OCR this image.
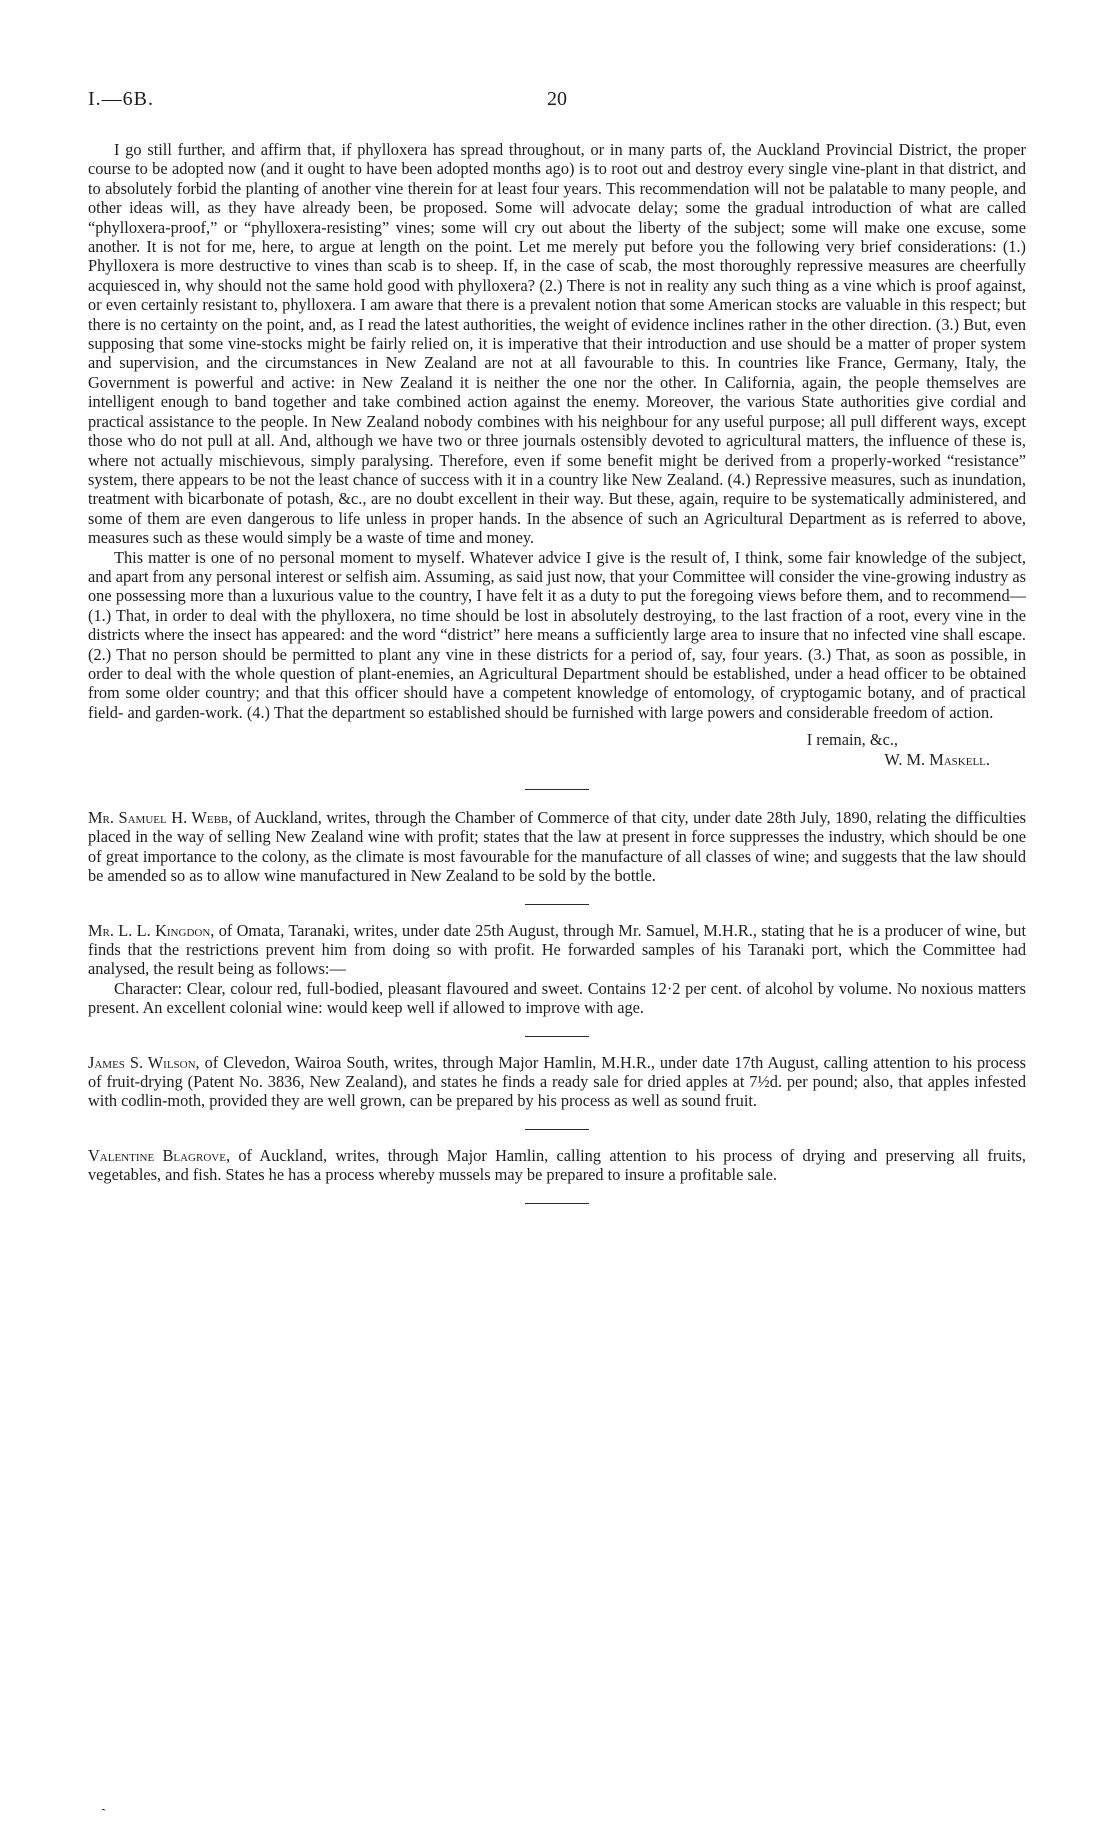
I.—6B.	20

I go still further, and affirm that, if phylloxera has spread throughout, or in many parts of, the Auckland Provincial District, the proper course to be adopted now (and it ought to have been adopted months ago) is to root out and destroy every single vine-plant in that district, and to absolutely forbid the planting of another vine therein for at least four years. This recommendation will not be palatable to many people, and other ideas will, as they have already been, be proposed. Some will advocate delay; some the gradual introduction of what are called “phylloxera-proof,” or “phylloxera-resisting” vines; some will cry out about the liberty of the subject; some will make one excuse, some another. It is not for me, here, to argue at length on the point. Let me merely put before you the following very brief considerations: (1.) Phylloxera is more destructive to vines than scab is to sheep. If, in the case of scab, the most thoroughly repressive measures are cheerfully acquiesced in, why should not the same hold good with phylloxera? (2.) There is not in reality any such thing as a vine which is proof against, or even certainly resistant to, phylloxera. I am aware that there is a prevalent notion that some American stocks are valuable in this respect; but there is no certainty on the point, and, as I read the latest authorities, the weight of evidence inclines rather in the other direction. (3.) But, even supposing that some vine-stocks might be fairly relied on, it is imperative that their introduction and use should be a matter of proper system and supervision, and the circumstances in New Zealand are not at all favourable to this. In countries like France, Germany, Italy, the Government is powerful and active: in New Zealand it is neither the one nor the other. In California, again, the people themselves are intelligent enough to band together and take combined action against the enemy. Moreover, the various State authorities give cordial and practical assistance to the people. In New Zealand nobody combines with his neighbour for any useful purpose; all pull different ways, except those who do not pull at all. And, although we have two or three journals ostensibly devoted to agricultural matters, the influence of these is, where not actually mischievous, simply paralysing. Therefore, even if some benefit might be derived from a properly-worked “resistance” system, there appears to be not the least chance of success with it in a country like New Zealand. (4.) Repressive measures, such as inundation, treatment with bicarbonate of potash, &c., are no doubt excellent in their way. But these, again, require to be systematically administered, and some of them are even dangerous to life unless in proper hands. In the absence of such an Agricultural Department as is referred to above, measures such as these would simply be a waste of time and money.

This matter is one of no personal moment to myself. Whatever advice I give is the result of, I think, some fair knowledge of the subject, and apart from any personal interest or selfish aim. Assuming, as said just now, that your Committee will consider the vine-growing industry as one possessing more than a luxurious value to the country, I have felt it as a duty to put the foregoing views before them, and to recommend—(1.) That, in order to deal with the phylloxera, no time should be lost in absolutely destroying, to the last fraction of a root, every vine in the districts where the insect has appeared: and the word “district” here means a sufficiently large area to insure that no infected vine shall escape. (2.) That no person should be permitted to plant any vine in these districts for a period of, say, four years. (3.) That, as soon as possible, in order to deal with the whole question of plant-enemies, an Agricultural Department should be established, under a head officer to be obtained from some older country; and that this officer should have a competent knowledge of entomology, of cryptogamic botany, and of practical field- and garden-work. (4.) That the department so established should be furnished with large powers and considerable freedom of action.

I remain, &c.,

W. M. Maskell.

Mr. Samuel H. Webb, of Auckland, writes, through the Chamber of Commerce of that city, under date 28th July, 1890, relating the difficulties placed in the way of selling New Zealand wine with profit; states that the law at present in force suppresses the industry, which should be one of great importance to the colony, as the climate is most favourable for the manufacture of all classes of wine; and suggests that the law should be amended so as to allow wine manufactured in New Zealand to be sold by the bottle.

Mr. L. L. Kingdon, of Omata, Taranaki, writes, under date 25th August, through Mr. Samuel, M.H.R., stating that he is a producer of wine, but finds that the restrictions prevent him from doing so with profit. He forwarded samples of his Taranaki port, which the Committee had analysed, the result being as follows:—

Character: Clear, colour red, full-bodied, pleasant flavoured and sweet. Contains 12·2 per cent. of alcohol by volume. No noxious matters present. An excellent colonial wine: would keep well if allowed to improve with age.

James S. Wilson, of Clevedon, Wairoa South, writes, through Major Hamlin, M.H.R., under date 17th August, calling attention to his process of fruit-drying (Patent No. 3836, New Zealand), and states he finds a ready sale for dried apples at 7½d. per pound; also, that apples infested with codlin-moth, provided they are well grown, can be prepared by his process as well as sound fruit.

Valentine Blagrove, of Auckland, writes, through Major Hamlin, calling attention to his process of drying and preserving all fruits, vegetables, and fish. States he has a process whereby mussels may be prepared to insure a profitable sale.

`
